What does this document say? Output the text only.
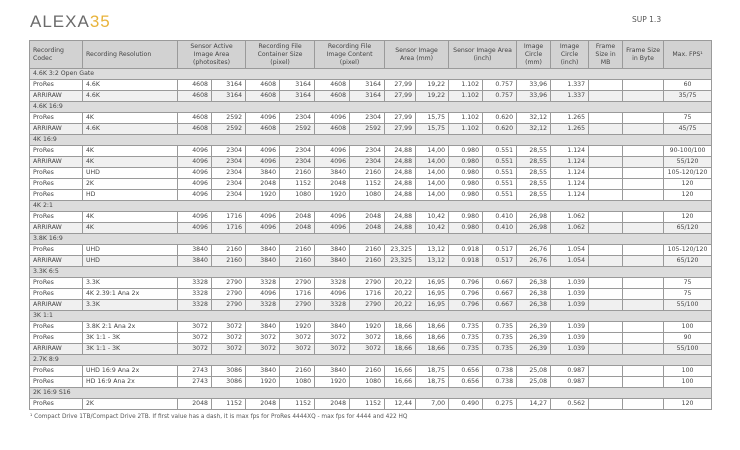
ALEXA35	SUP 1.3
Recording Codec	Recording Resolution	Sensor Active Image Area (photosites)		Recording File Container Size (pixel)		Recording File Image Content (pixel)		Sensor Image Area (mm)		Sensor Image Area (inch)		Image Circle (mm)	Image Circle (inch)	Frame Size in MB	Frame Size in Byte	Max. FPS¹
4.6K 3:2 Open Gate																
ProRes	4.6K	4608	3164	4608	3164	4608	3164	27,99	19,22	1.102	0.757	33,96	1.337			60
ARRIRAW	4.6K	4608	3164	4608	3164	4608	3164	27,99	19,22	1.102	0.757	33,96	1.337			35/75
4.6K 16:9																
ProRes	4K	4608	2592	4096	2304	4096	2304	27,99	15,75	1.102	0.620	32,12	1.265			75
ARRIRAW	4.6K	4608	2592	4608	2592	4608	2592	27,99	15,75	1.102	0.620	32,12	1.265			45/75
4K 16:9																
ProRes	4K	4096	2304	4096	2304	4096	2304	24,88	14,00	0.980	0.551	28,55	1.124			90-100/100
ARRIRAW	4K	4096	2304	4096	2304	4096	2304	24,88	14,00	0.980	0.551	28,55	1.124			55/120
ProRes	UHD	4096	2304	3840	2160	3840	2160	24,88	14,00	0.980	0.551	28,55	1.124			105-120/120
ProRes	2K	4096	2304	2048	1152	2048	1152	24,88	14,00	0.980	0.551	28,55	1.124			120
ProRes	HD	4096	2304	1920	1080	1920	1080	24,88	14,00	0.980	0.551	28,55	1.124			120
4K 2:1																
ProRes	4K	4096	1716	4096	2048	4096	2048	24,88	10,42	0.980	0.410	26,98	1.062			120
ARRIRAW	4K	4096	1716	4096	2048	4096	2048	24,88	10,42	0.980	0.410	26,98	1.062			65/120
3.8K 16:9																
ProRes	UHD	3840	2160	3840	2160	3840	2160	23,325	13,12	0.918	0.517	26,76	1.054			105-120/120
ARRIRAW	UHD	3840	2160	3840	2160	3840	2160	23,325	13,12	0.918	0.517	26,76	1.054			65/120
3.3K 6:5																
ProRes	3.3K	3328	2790	3328	2790	3328	2790	20,22	16,95	0.796	0.667	26,38	1.039			75
ProRes	4K 2.39:1 Ana 2x	3328	2790	4096	1716	4096	1716	20,22	16,95	0.796	0.667	26,38	1.039			75
ARRIRAW	3.3K	3328	2790	3328	2790	3328	2790	20,22	16,95	0.796	0.667	26,38	1.039			55/100
3K 1:1																
ProRes	3.8K 2:1 Ana 2x	3072	3072	3840	1920	3840	1920	18,66	18,66	0.735	0.735	26,39	1.039			100
ProRes	3K 1:1 - 3K	3072	3072	3072	3072	3072	3072	18,66	18,66	0.735	0.735	26,39	1.039			90
ARRIRAW	3K 1:1 - 3K	3072	3072	3072	3072	3072	3072	18,66	18,66	0.735	0.735	26,39	1.039			55/100
2.7K 8:9																
ProRes	UHD 16:9 Ana 2x	2743	3086	3840	2160	3840	2160	16,66	18,75	0.656	0.738	25,08	0.987			100
ProRes	HD 16:9 Ana 2x	2743	3086	1920	1080	1920	1080	16,66	18,75	0.656	0.738	25,08	0.987			100
2K 16:9 S16																
ProRes	2K	2048	1152	2048	1152	2048	1152	12,44	7,00	0.490	0.275	14,27	0.562			120
¹ Compact Drive 1TB/Compact Drive 2TB. If first value has a dash, it is max fps for ProRes 4444XQ - max fps for 4444 and 422 HQ
